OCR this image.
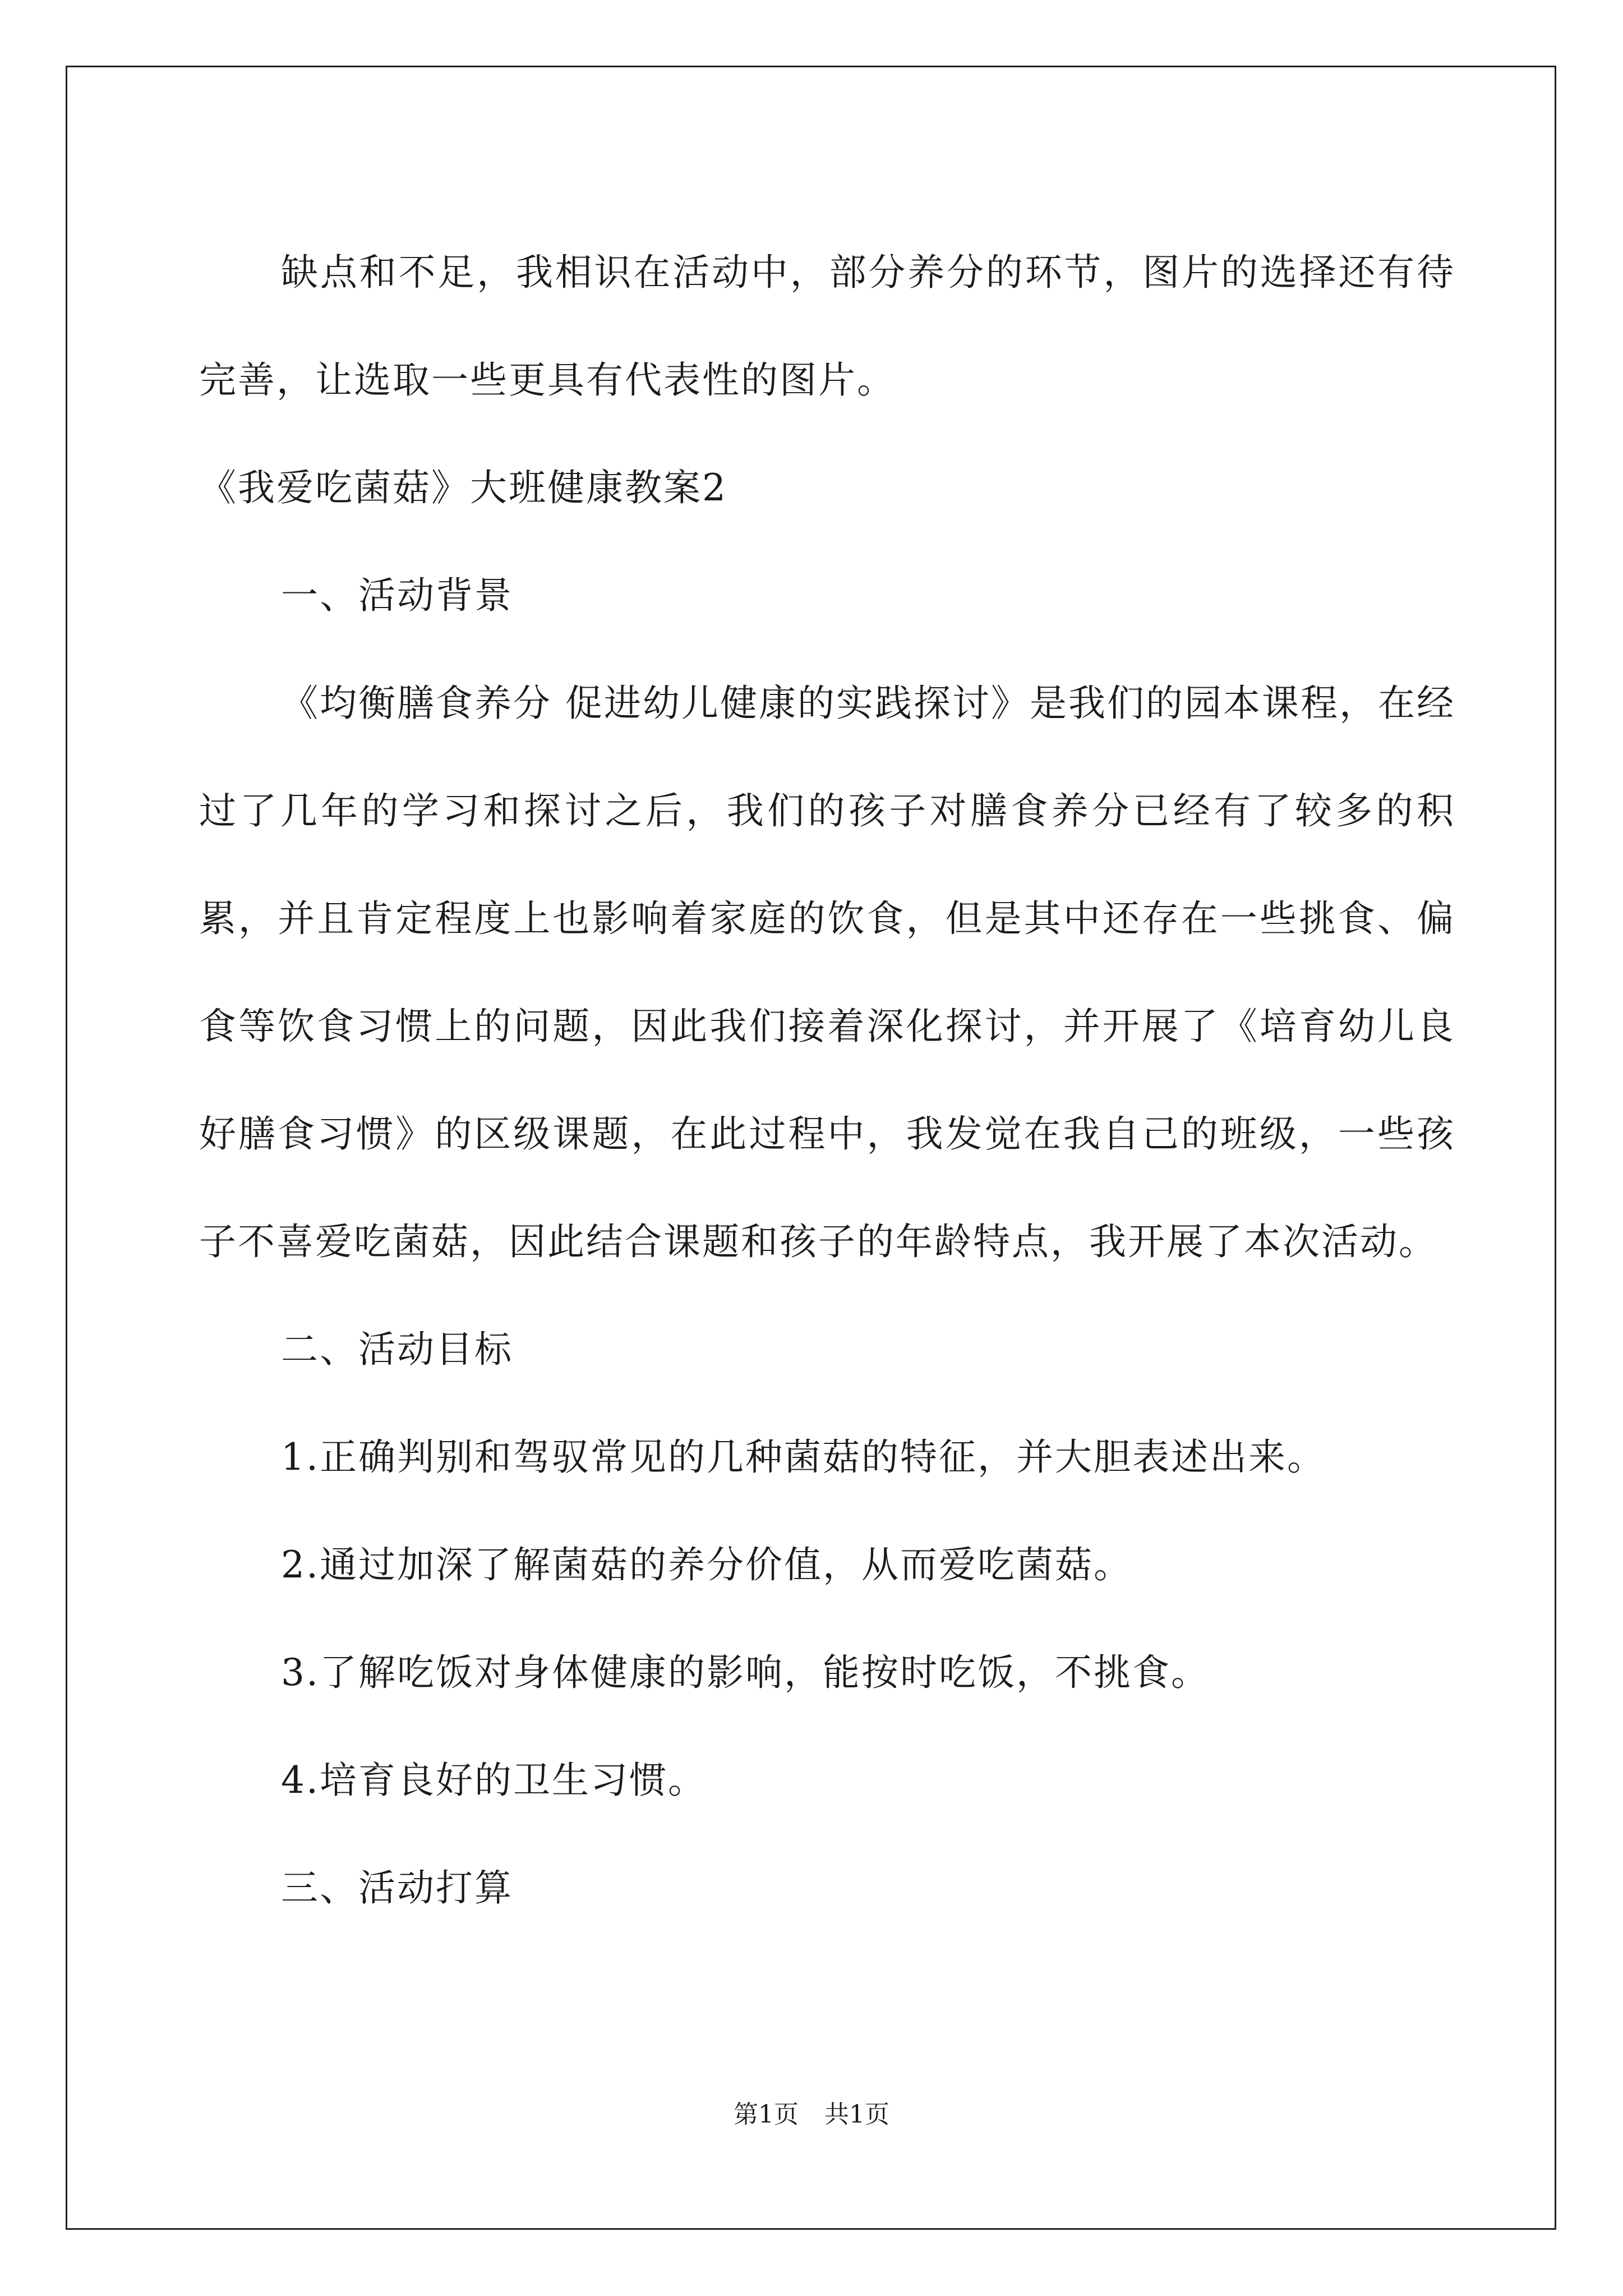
缺点和不足，我相识在活动中，部分养分的环节，图片的选择还有待完善，让选取一些更具有代表性的图片。

《我爱吃菌菇》大班健康教案2

一、活动背景

《均衡膳食养分 促进幼儿健康的实践探讨》是我们的园本课程，在经过了几年的学习和探讨之后，我们的孩子对膳食养分已经有了较多的积累，并且肯定程度上也影响着家庭的饮食，但是其中还存在一些挑食、偏食等饮食习惯上的问题，因此我们接着深化探讨，并开展了《培育幼儿良好膳食习惯》的区级课题，在此过程中，我发觉在我自己的班级，一些孩子不喜爱吃菌菇，因此结合课题和孩子的年龄特点，我开展了本次活动。

二、活动目标

1.正确判别和驾驭常见的几种菌菇的特征，并大胆表述出来。

2.通过加深了解菌菇的养分价值，从而爱吃菌菇。

3.了解吃饭对身体健康的影响，能按时吃饭，不挑食。

4.培育良好的卫生习惯。

三、活动打算

第1页 共1页
